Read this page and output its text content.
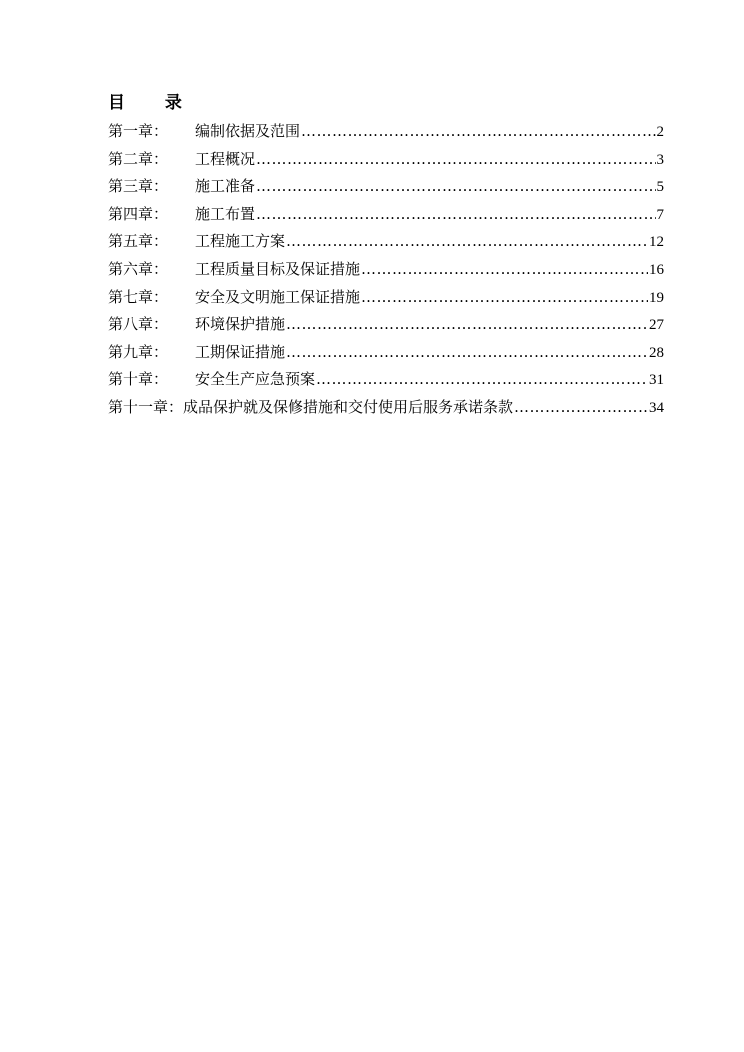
目 录
第一章：	编制依据及范围 ………………………………………………………………………………………………………………………………………………………………	2
第二章：	工程概况 ………………………………………………………………………………………………………………………………………………………………	3
第三章：	施工准备 ………………………………………………………………………………………………………………………………………………………………	5
第四章：	施工布置 ………………………………………………………………………………………………………………………………………………………………	7
第五章：	工程施工方案 ………………………………………………………………………………………………………………………………………………………………	12
第六章：	工程质量目标及保证措施 ………………………………………………………………………………………………………………………………………………………………	16
第七章：	安全及文明施工保证措施 ………………………………………………………………………………………………………………………………………………………………	19
第八章：	环境保护措施 ………………………………………………………………………………………………………………………………………………………………	27
第九章：	工期保证措施 ………………………………………………………………………………………………………………………………………………………………	28
第十章：	安全生产应急预案 ………………………………………………………………………………………………………………………………………………………………	31
第十一章： 成品保护就及保修措施和交付使用后服务承诺条款 ………………………………………………………………………………………………………………………………………………………………	34
